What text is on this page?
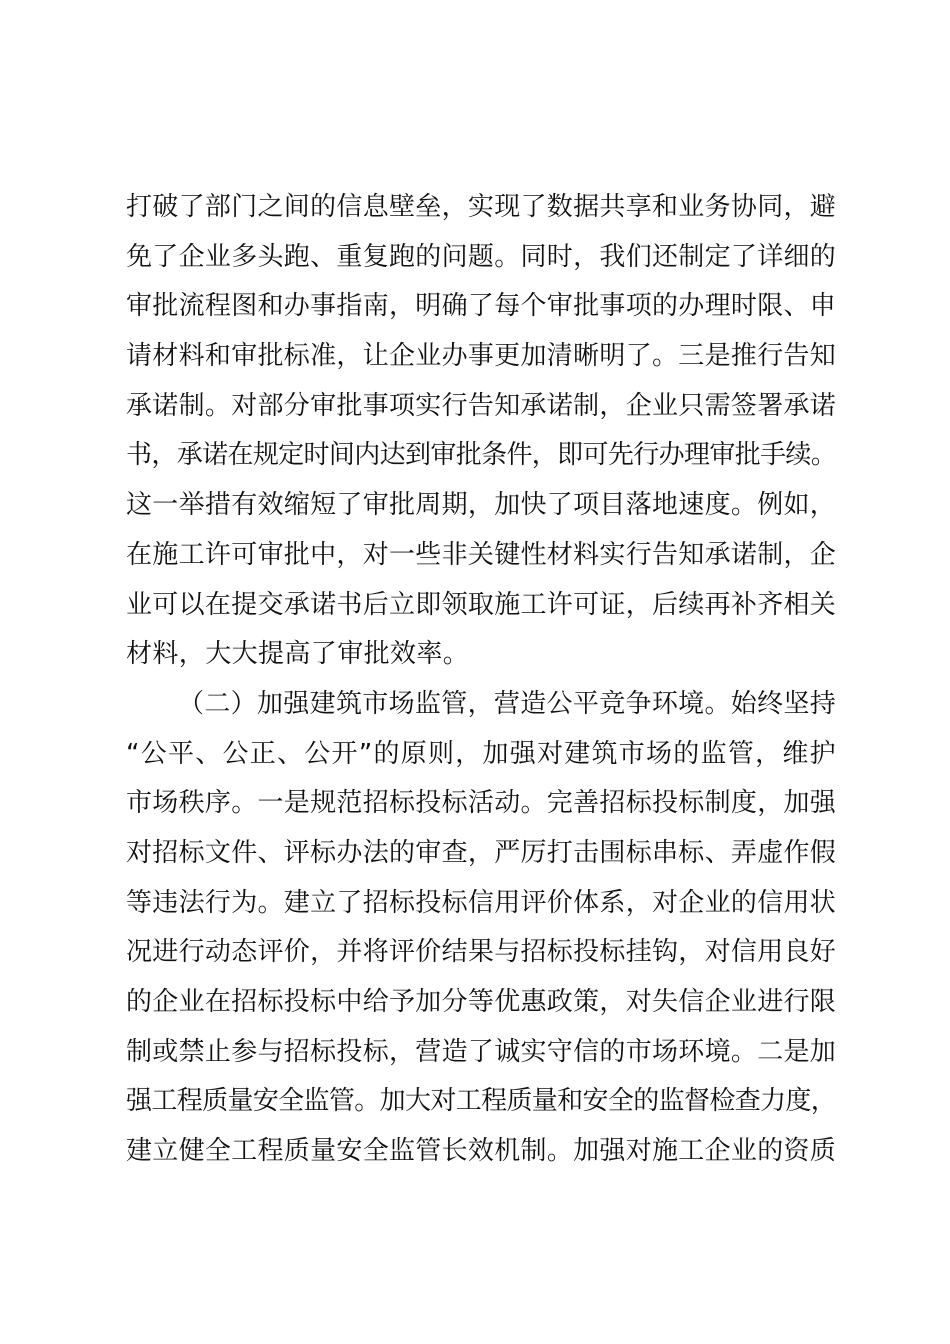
打破了部门之间的信息壁垒，实现了数据共享和业务协同，避
免了企业多头跑、重复跑的问题。同时，我们还制定了详细的
审批流程图和办事指南，明确了每个审批事项的办理时限、申
请材料和审批标准，让企业办事更加清晰明了。三是推行告知
承诺制。对部分审批事项实行告知承诺制，企业只需签署承诺
书，承诺在规定时间内达到审批条件，即可先行办理审批手续。
这一举措有效缩短了审批周期，加快了项目落地速度。例如，
在施工许可审批中，对一些非关键性材料实行告知承诺制，企
业可以在提交承诺书后立即领取施工许可证，后续再补齐相关
材料，大大提高了审批效率。
（二）加强建筑市场监管，营造公平竞争环境。始终坚持
“公平、公正、公开”的原则，加强对建筑市场的监管，维护
市场秩序。一是规范招标投标活动。完善招标投标制度，加强
对招标文件、评标办法的审查，严厉打击围标串标、弄虚作假
等违法行为。建立了招标投标信用评价体系，对企业的信用状
况进行动态评价，并将评价结果与招标投标挂钩，对信用良好
的企业在招标投标中给予加分等优惠政策，对失信企业进行限
制或禁止参与招标投标，营造了诚实守信的市场环境。二是加
强工程质量安全监管。加大对工程质量和安全的监督检查力度，
建立健全工程质量安全监管长效机制。加强对施工企业的资质
